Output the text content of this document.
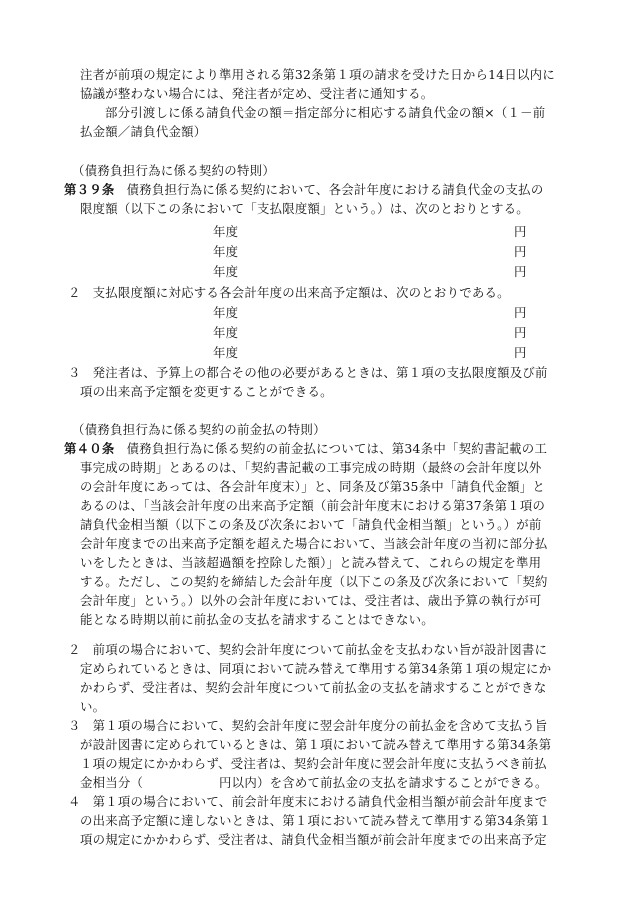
注者が前項の規定により準用される第32条第１項の請求を受けた日から14日以内に
協議が整わない場合には、発注者が定め、受注者に通知する。
部分引渡しに係る請負代金の額＝指定部分に相応する請負代金の額×（１－前
払金額／請負代金額）
（債務負担行為に係る契約の特則）
第３９条 債務負担行為に係る契約において、各会計年度における請負代金の支払の
限度額（以下この条において「支払限度額」という。）は、次のとおりとする。
年度	円
年度	円
年度	円
２ 支払限度額に対応する各会計年度の出来高予定額は、次のとおりである。
年度	円
年度	円
年度	円
３ 発注者は、予算上の都合その他の必要があるときは、第１項の支払限度額及び前
項の出来高予定額を変更することができる。
（債務負担行為に係る契約の前金払の特則）
第４０条 債務負担行為に係る契約の前金払については、第34条中「契約書記載の工
事完成の時期」とあるのは、「契約書記載の工事完成の時期（最終の会計年度以外
の会計年度にあっては、各会計年度末）」と、同条及び第35条中「請負代金額」と
あるのは、「当該会計年度の出来高予定額（前会計年度末における第37条第１項の
請負代金相当額（以下この条及び次条において「請負代金相当額」という。）が前
会計年度までの出来高予定額を超えた場合において、当該会計年度の当初に部分払
いをしたときは、当該超過額を控除した額）」と読み替えて、これらの規定を準用
する。ただし、この契約を締結した会計年度（以下この条及び次条において「契約
会計年度」という。）以外の会計年度においては、受注者は、歳出予算の執行が可
能となる時期以前に前払金の支払を請求することはできない。
２ 前項の場合において、契約会計年度について前払金を支払わない旨が設計図書に
定められているときは、同項において読み替えて準用する第34条第１項の規定にか
かわらず、受注者は、契約会計年度について前払金の支払を請求することができな
い。
３ 第１項の場合において、契約会計年度に翌会計年度分の前払金を含めて支払う旨
が設計図書に定められているときは、第１項において読み替えて準用する第34条第
１項の規定にかかわらず、受注者は、契約会計年度に翌会計年度に支払うべき前払
金相当分（　　　　　　円以内）を含めて前払金の支払を請求することができる。
４ 第１項の場合において、前会計年度末における請負代金相当額が前会計年度まで
の出来高予定額に達しないときは、第１項において読み替えて準用する第34条第１
項の規定にかかわらず、受注者は、請負代金相当額が前会計年度までの出来高予定
